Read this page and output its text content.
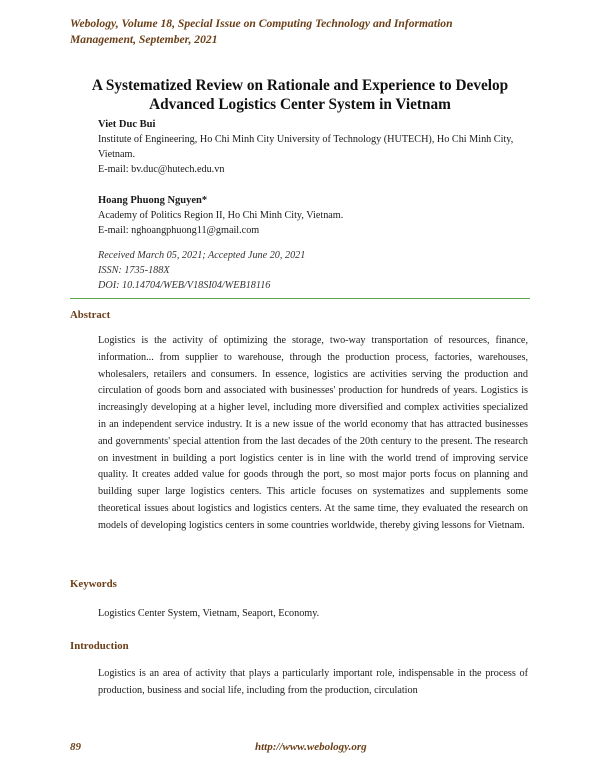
Webology, Volume 18, Special Issue on Computing Technology and Information
Management, September, 2021
A Systematized Review on Rationale and Experience to Develop
Advanced Logistics Center System in Vietnam
Viet Duc Bui
Institute of Engineering, Ho Chi Minh City University of Technology (HUTECH), Ho Chi Minh City, Vietnam.
E-mail: bv.duc@hutech.edu.vn
Hoang Phuong Nguyen*
Academy of Politics Region II, Ho Chi Minh City, Vietnam.
E-mail: nghoangphuong11@gmail.com
Received March 05, 2021; Accepted June 20, 2021
ISSN: 1735-188X
DOI: 10.14704/WEB/V18SI04/WEB18116
Abstract
Logistics is the activity of optimizing the storage, two-way transportation of resources, finance, information... from supplier to warehouse, through the production process, factories, warehouses, wholesalers, retailers and consumers. In essence, logistics are activities serving the production and circulation of goods born and associated with businesses' production for hundreds of years. Logistics is increasingly developing at a higher level, including more diversified and complex activities specialized in an independent service industry. It is a new issue of the world economy that has attracted businesses and governments' special attention from the last decades of the 20th century to the present. The research on investment in building a port logistics center is in line with the world trend of improving service quality. It creates added value for goods through the port, so most major ports focus on planning and building super large logistics centers. This article focuses on systematizes and supplements some theoretical issues about logistics and logistics centers. At the same time, they evaluated the research on models of developing logistics centers in some countries worldwide, thereby giving lessons for Vietnam.
Keywords
Logistics Center System, Vietnam, Seaport, Economy.
Introduction
Logistics is an area of activity that plays a particularly important role, indispensable in the process of production, business and social life, including from the production, circulation
89	http://www.webology.org
